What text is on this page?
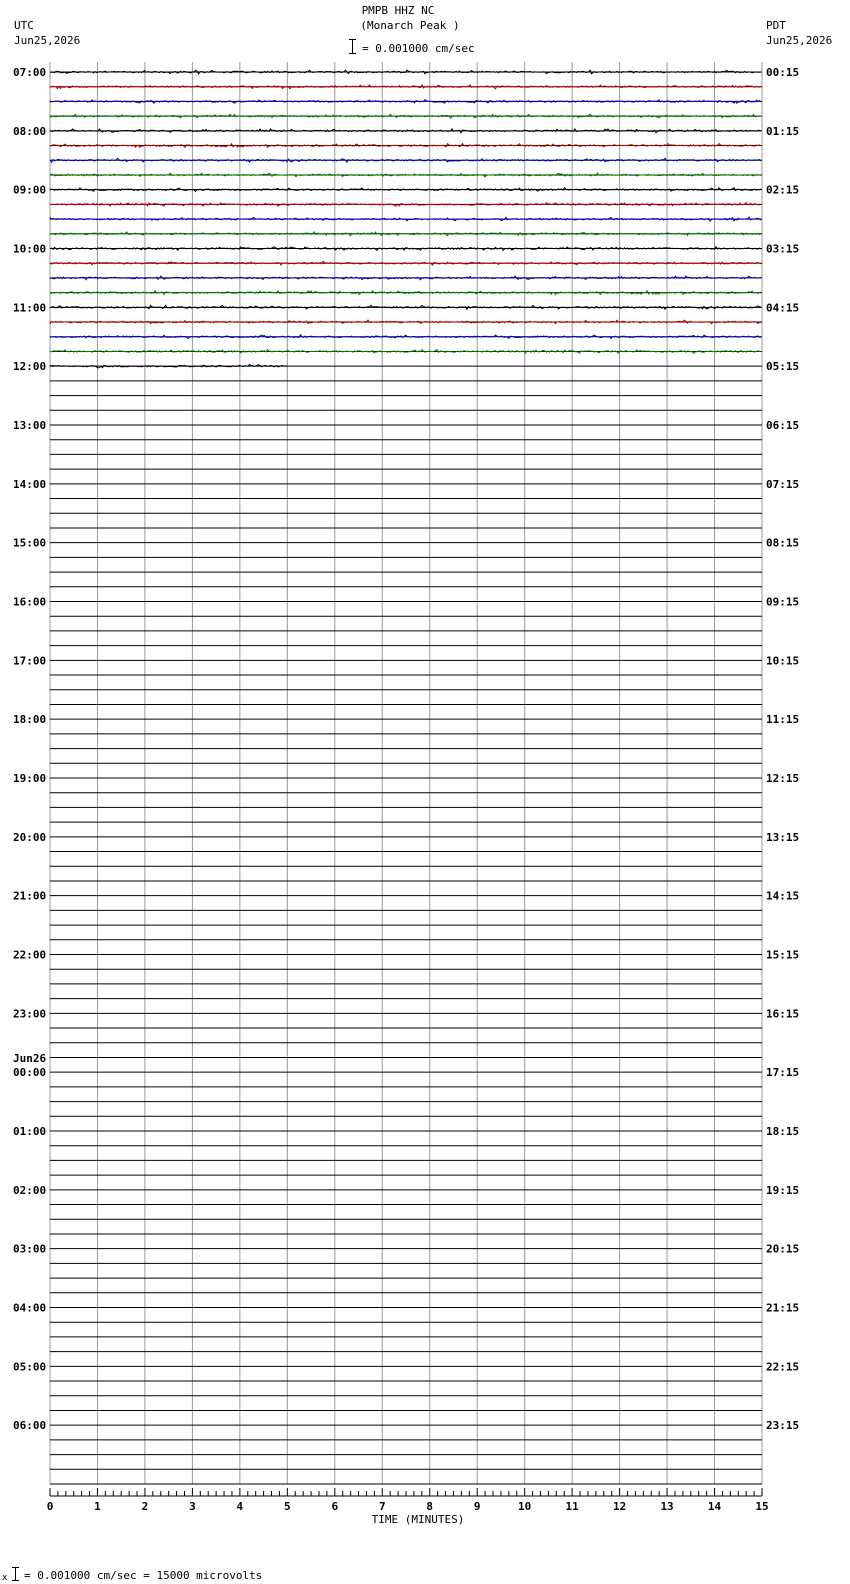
PMPB HHZ NC
(Monarch Peak )
UTC
Jun25,2026
PDT
Jun25,2026
= 0.001000 cm/sec
07:00
08:00
09:00
10:00
11:00
12:00
13:00
14:00
15:00
16:00
17:00
18:00
19:00
20:00
21:00
22:00
23:00
00:00
01:00
02:00
03:00
04:00
05:00
06:00
00:15
01:15
02:15
03:15
04:15
05:15
06:15
07:15
08:15
09:15
10:15
11:15
12:15
13:15
14:15
15:15
16:15
17:15
18:15
19:15
20:15
21:15
22:15
23:15
Jun26
0	1	2	3	4	5	6	7	8	9	10	11	12	13	14	15
TIME (MINUTES)
x = 0.001000 cm/sec = 15000 microvolts
